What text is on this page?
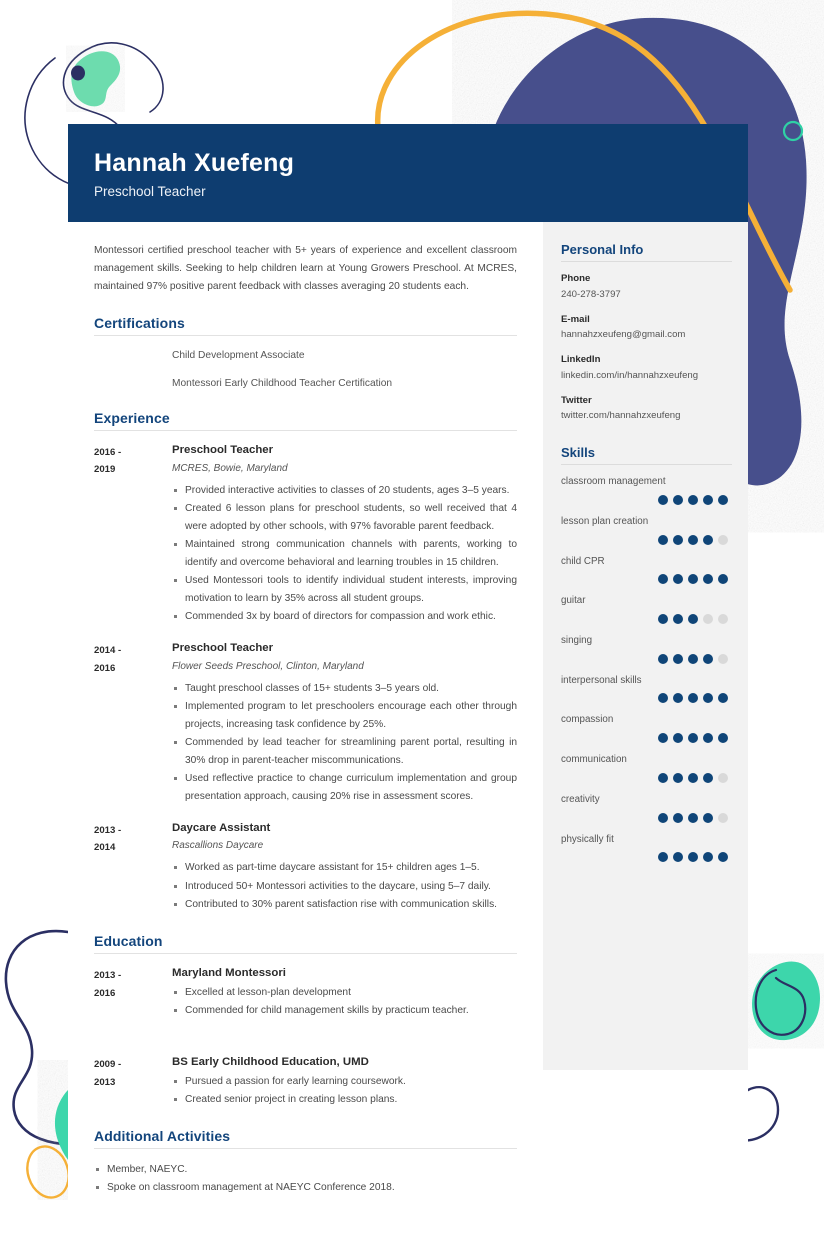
Hannah Xuefeng

Preschool Teacher

Montessori certified preschool teacher with 5+ years of experience and excellent classroom management skills. Seeking to help children learn at Young Growers Preschool. At MCRES, maintained 97% positive parent feedback with classes averaging 20 students each.

Certifications
Child Development Associate
Montessori Early Childhood Teacher Certification
Experience
2016 -
2019
Preschool Teacher
MCRES, Bowie, Maryland
Provided interactive activities to classes of 20 students, ages 3–5 years.
Created 6 lesson plans for preschool students, so well received that 4 were adopted by other schools, with 97% favorable parent feedback.
Maintained strong communication channels with parents, working to identify and overcome behavioral and learning troubles in 15 children.
Used Montessori tools to identify individual student interests, improving motivation to learn by 35% across all student groups.
Commended 3x by board of directors for compassion and work ethic.
2014 -
2016
Preschool Teacher
Flower Seeds Preschool, Clinton, Maryland
Taught preschool classes of 15+ students 3–5 years old.
Implemented program to let preschoolers encourage each other through projects, increasing task confidence by 25%.
Commended by lead teacher for streamlining parent portal, resulting in 30% drop in parent-teacher miscommunications.
Used reflective practice to change curriculum implementation and group presentation approach, causing 20% rise in assessment scores.
2013 -
2014
Daycare Assistant
Rascallions Daycare
Worked as part-time daycare assistant for 15+ children ages 1–5.
Introduced 50+ Montessori activities to the daycare, using 5–7 daily.
Contributed to 30% parent satisfaction rise with communication skills.
Education
2013 -
2016
Maryland Montessori
Excelled at lesson-plan development
Commended for child management skills by practicum teacher.
2009 -
2013
BS Early Childhood Education, UMD
Pursued a passion for early learning coursework.
Created senior project in creating lesson plans.
Additional Activities
Member, NAEYC.
Spoke on classroom management at NAEYC Conference 2018.
Personal Info
Phone
240-278-3797
E-mail
hannahzxeufeng@gmail.com
LinkedIn
linkedin.com/in/hannahzxeufeng
Twitter
twitter.com/hannahzxeufeng
Skills
classroom management
lesson plan creation
child CPR
guitar
singing
interpersonal skills
compassion
communication
creativity
physically fit
